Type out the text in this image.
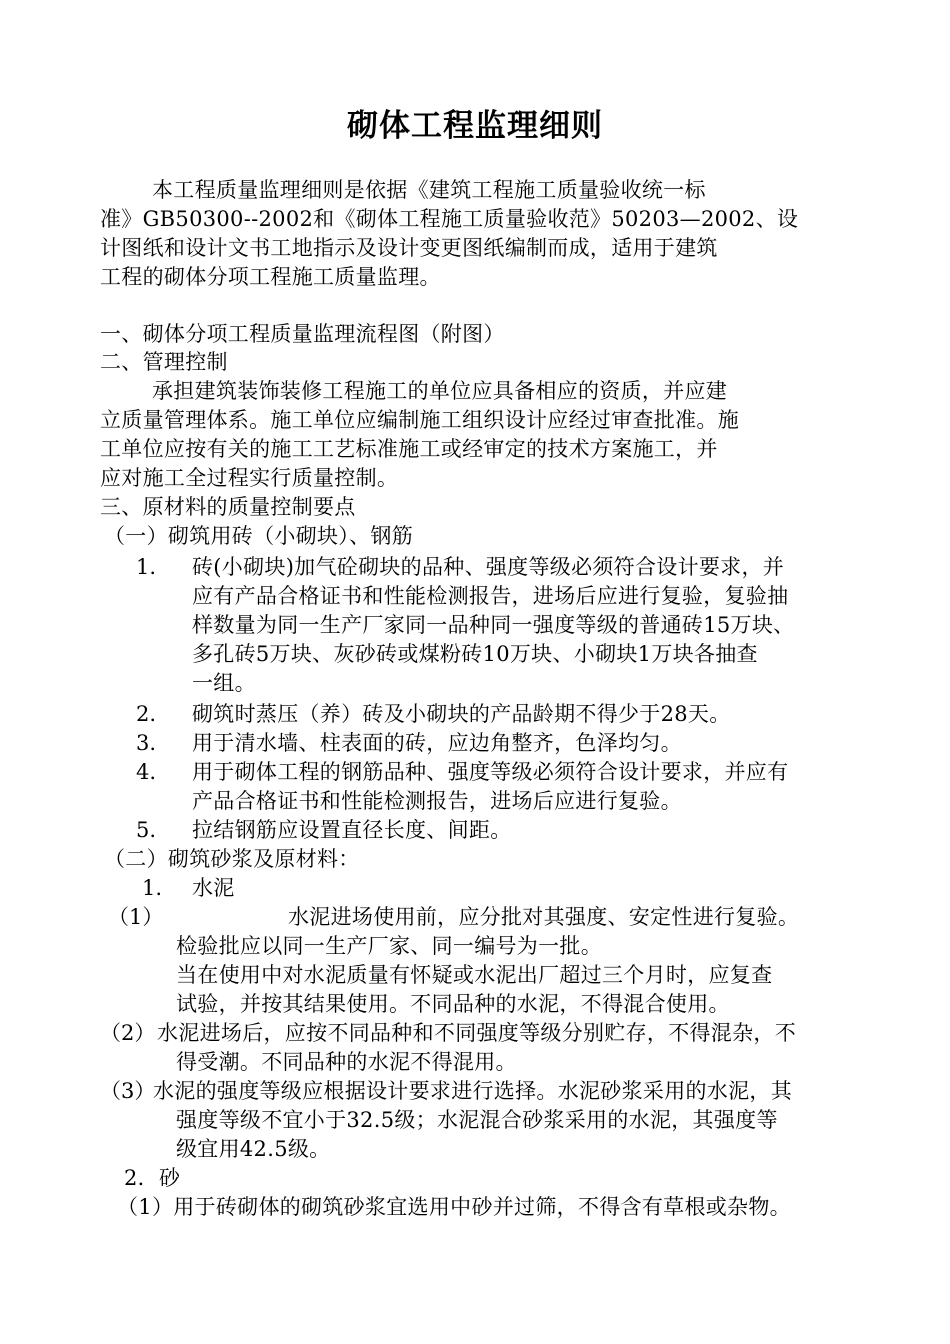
砌体工程监理细则
本工程质量监理细则是依据《建筑工程施工质量验收统一标
准》GB50300--2002和《砌体工程施工质量验收范》50203—2002、设
计图纸和设计文书工地指示及设计变更图纸编制而成，适用于建筑
工程的砌体分项工程施工质量监理。
一、砌体分项工程质量监理流程图（附图）
二、管理控制
承担建筑装饰装修工程施工的单位应具备相应的资质，并应建
立质量管理体系。施工单位应编制施工组织设计应经过审查批准。施
工单位应按有关的施工工艺标准施工或经审定的技术方案施工，并
应对施工全过程实行质量控制。
三、原材料的质量控制要点
（一）砌筑用砖（小砌块）、钢筋
1. 砖(小砌块)加气砼砌块的品种、强度等级必须符合设计要求，并
应有产品合格证书和性能检测报告，进场后应进行复验，复验抽
样数量为同一生产厂家同一品种同一强度等级的普通砖15万块、
多孔砖5万块、灰砂砖或煤粉砖10万块、小砌块1万块各抽查
一组。
2. 砌筑时蒸压（养）砖及小砌块的产品龄期不得少于28天。
3. 用于清水墙、柱表面的砖，应边角整齐，色泽均匀。
4. 用于砌体工程的钢筋品种、强度等级必须符合设计要求，并应有
产品合格证书和性能检测报告，进场后应进行复验。
5. 拉结钢筋应设置直径长度、间距。
（二）砌筑砂浆及原材料：
1. 水泥
（1）	水泥进场使用前，应分批对其强度、安定性进行复验。
检验批应以同一生产厂家、同一编号为一批。
当在使用中对水泥质量有怀疑或水泥出厂超过三个月时，应复查
试验，并按其结果使用。不同品种的水泥，不得混合使用。
（2） 水泥进场后，应按不同品种和不同强度等级分别贮存，不得混杂，不
得受潮。不同品种的水泥不得混用。
（3）
水泥的强度等级应根据设计要求进行选择。水泥砂浆采用的水泥，其
强度等级不宜小于32.5级；水泥混合砂浆采用的水泥，其强度等
级宜用42.5级。
2．砂
（1）用于砖砌体的砌筑砂浆宜选用中砂并过筛，不得含有草根或杂物。
